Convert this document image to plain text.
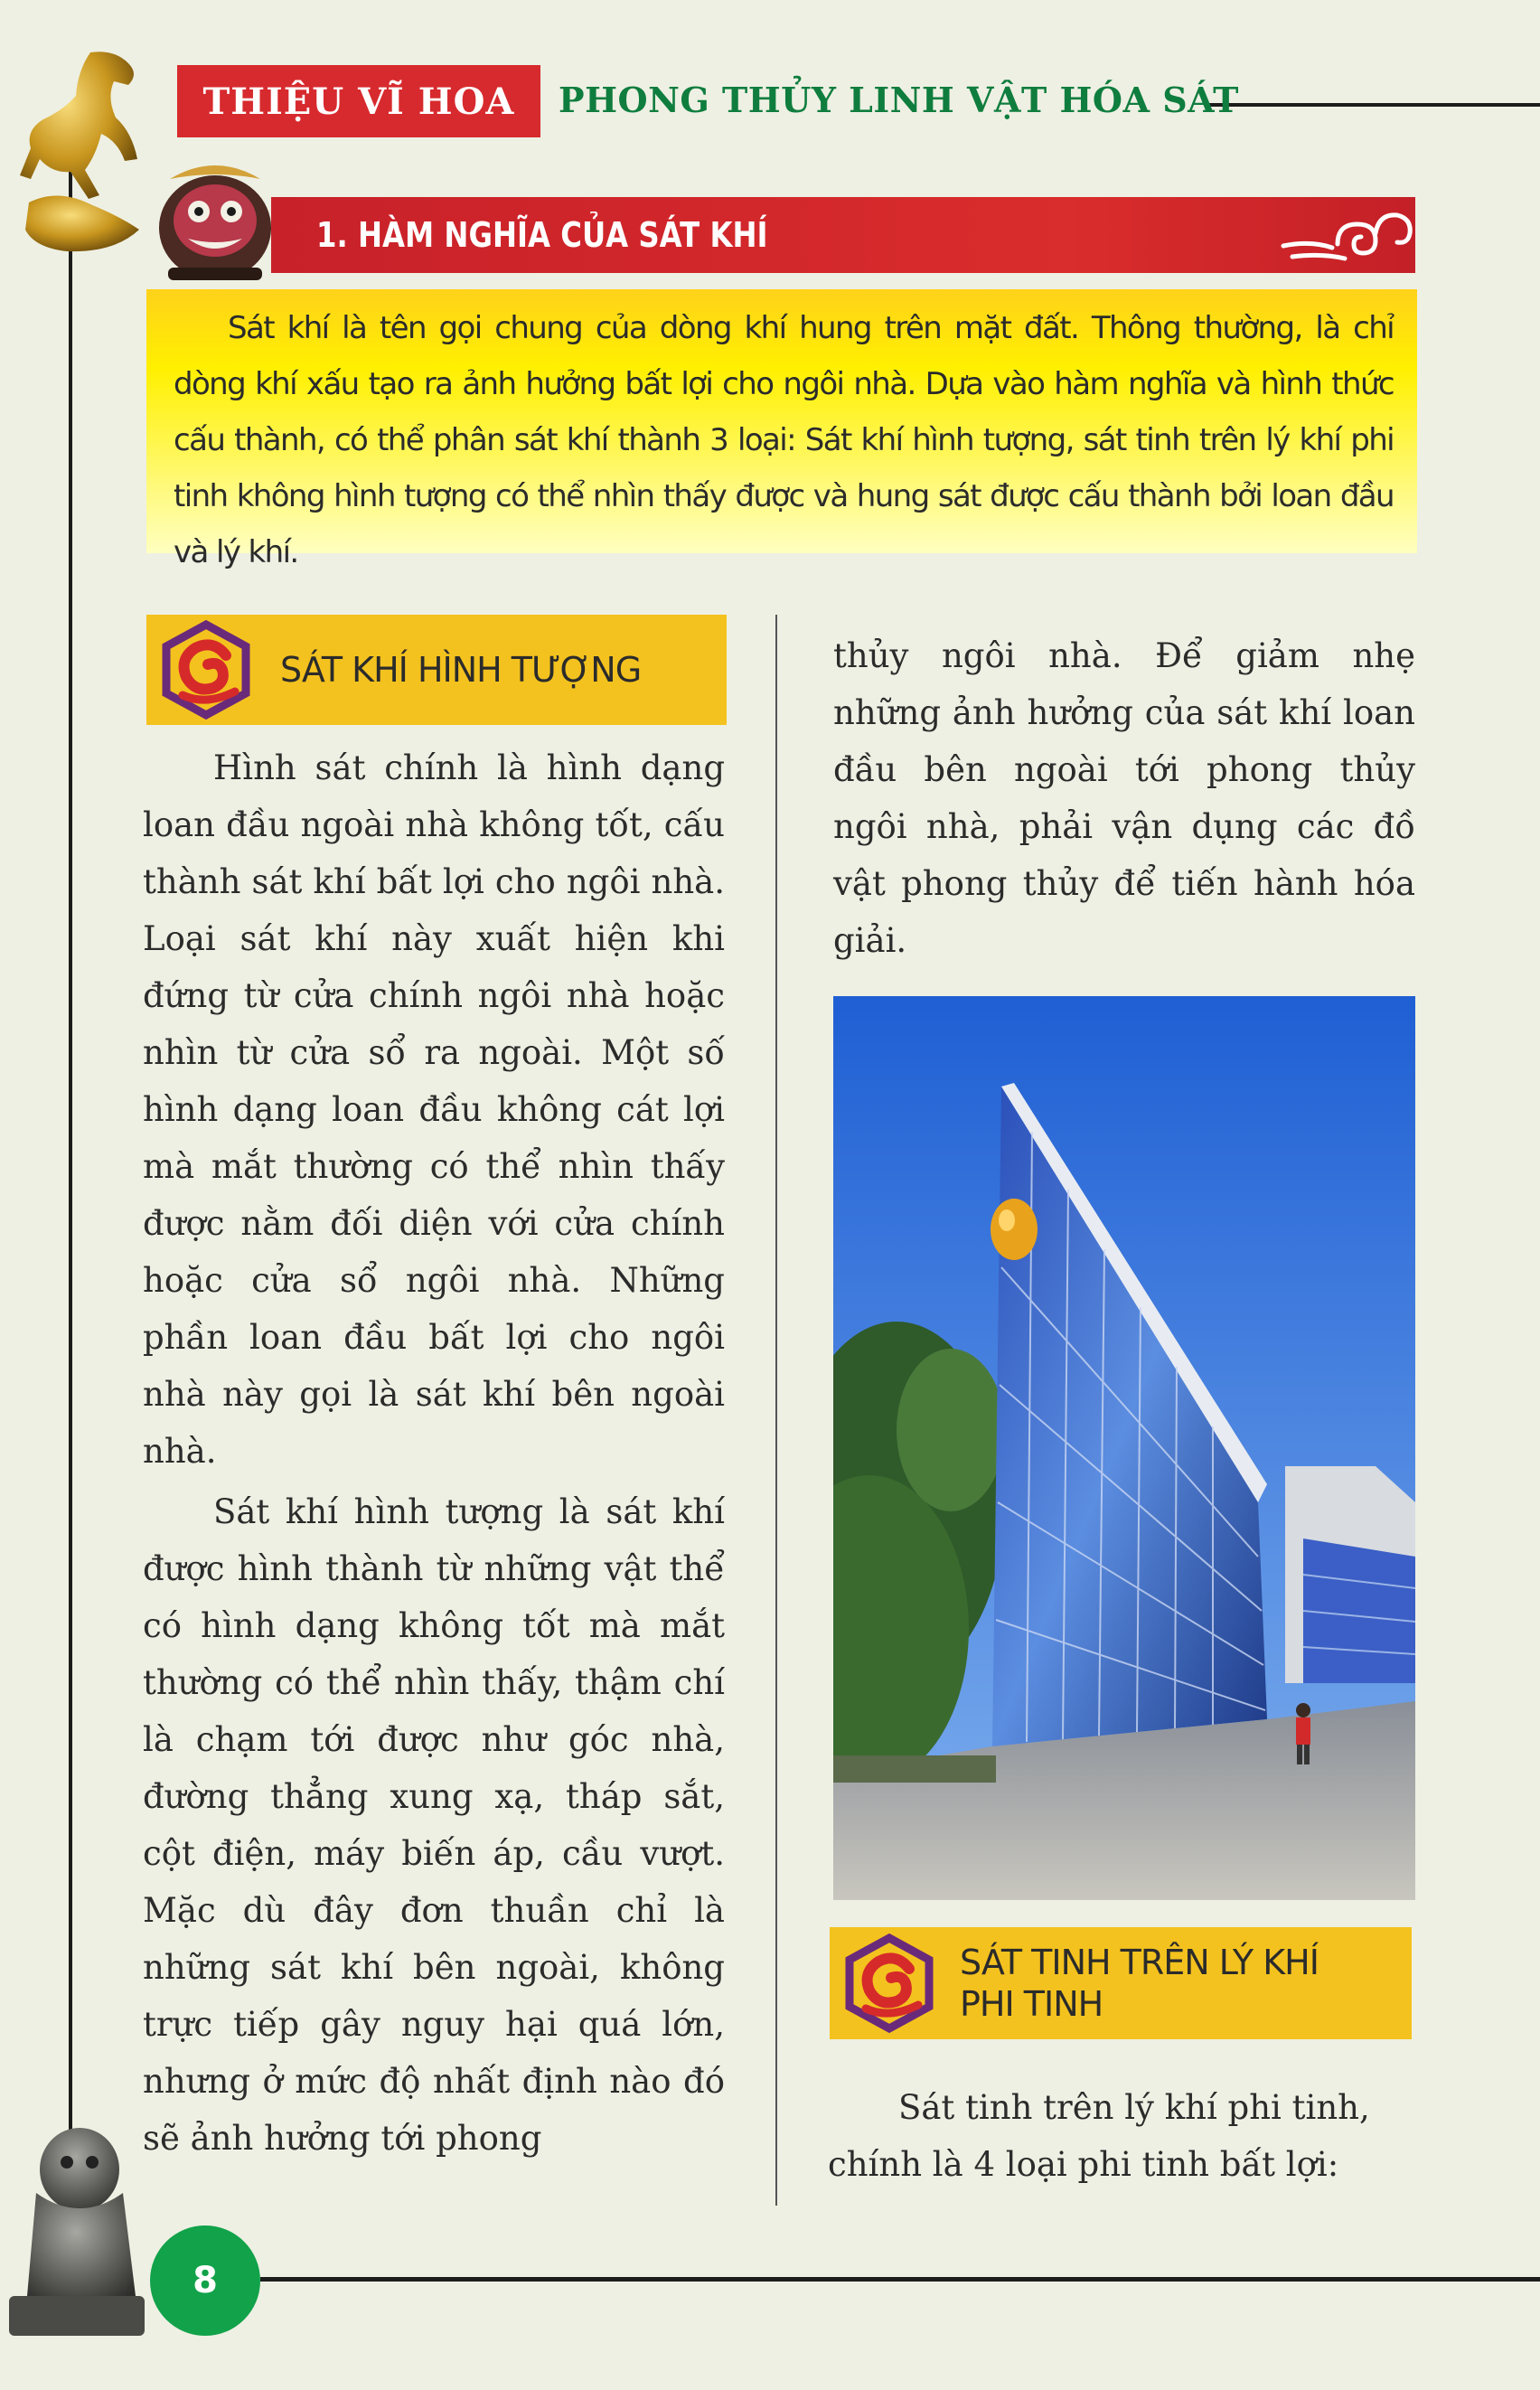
THIỆU VĨ HOA	PHONG THỦY LINH VẬT HÓA SÁT
1. HÀM NGHĨA CỦA SÁT KHÍ
Sát khí là tên gọi chung của dòng khí hung trên mặt đất. Thông thường, là chỉ dòng khí xấu tạo ra ảnh hưởng bất lợi cho ngôi nhà. Dựa vào hàm nghĩa và hình thức cấu thành, có thể phân sát khí thành 3 loại: Sát khí hình tượng, sát tinh trên lý khí phi tinh không hình tượng có thể nhìn thấy được và hung sát được cấu thành bởi loan đầu và lý khí.
SÁT KHÍ HÌNH TƯỢNG

Hình sát chính là hình dạng loan đầu ngoài nhà không tốt, cấu thành sát khí bất lợi cho ngôi nhà. Loại sát khí này xuất hiện khi đứng từ cửa chính ngôi nhà hoặc nhìn từ cửa sổ ra ngoài. Một số hình dạng loan đầu không cát lợi mà mắt thường có thể nhìn thấy được nằm đối diện với cửa chính hoặc cửa sổ ngôi nhà. Những phần loan đầu bất lợi cho ngôi nhà này gọi là sát khí bên ngoài nhà.

Sát khí hình tượng là sát khí được hình thành từ những vật thể có hình dạng không tốt mà mắt thường có thể nhìn thấy, thậm chí là chạm tới được như góc nhà, đường thẳng xung xạ, tháp sắt, cột điện, máy biến áp, cầu vượt. Mặc dù đây đơn thuần chỉ là những sát khí bên ngoài, không trực tiếp gây nguy hại quá lớn, nhưng ở mức độ nhất định nào đó sẽ ảnh hưởng tới phong

thủy ngôi nhà. Để giảm nhẹ những ảnh hưởng của sát khí loan đầu bên ngoài tới phong thủy ngôi nhà, phải vận dụng các đồ vật phong thủy để tiến hành hóa giải.

SÁT TINH TRÊN LÝ KHÍ
PHI TINH

Sát tinh trên lý khí phi tinh, chính là 4 loại phi tinh bất lợi:

8
